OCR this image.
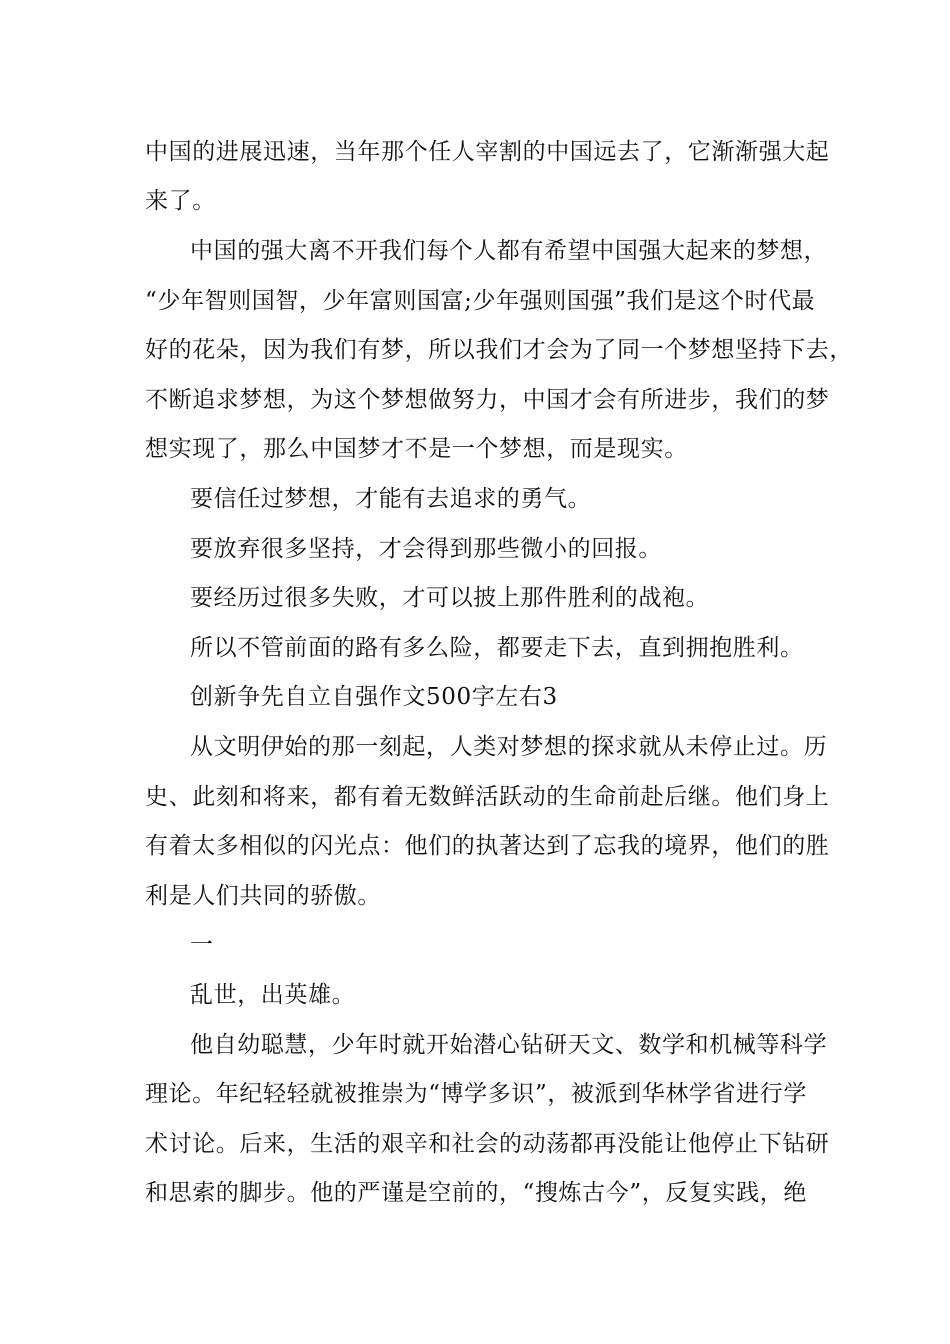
中国的进展迅速，当年那个任人宰割的中国远去了，它渐渐强大起
来了。
中国的强大离不开我们每个人都有希望中国强大起来的梦想，
“少年智则国智，少年富则国富;少年强则国强”我们是这个时代最
好的花朵，因为我们有梦，所以我们才会为了同一个梦想坚持下去，
不断追求梦想，为这个梦想做努力，中国才会有所进步，我们的梦
想实现了，那么中国梦才不是一个梦想，而是现实。
要信任过梦想，才能有去追求的勇气。
要放弃很多坚持，才会得到那些微小的回报。
要经历过很多失败，才可以披上那件胜利的战袍。
所以不管前面的路有多么险，都要走下去，直到拥抱胜利。
创新争先自立自强作文500字左右3
从文明伊始的那一刻起，人类对梦想的探求就从未停止过。历
史、此刻和将来，都有着无数鲜活跃动的生命前赴后继。他们身上
有着太多相似的闪光点：他们的执著达到了忘我的境界，他们的胜
利是人们共同的骄傲。
一
乱世，出英雄。
他自幼聪慧，少年时就开始潜心钻研天文、数学和机械等科学
理论。年纪轻轻就被推崇为“博学多识”，被派到华林学省进行学
术讨论。后来，生活的艰辛和社会的动荡都再没能让他停止下钻研
和思索的脚步。他的严谨是空前的，“搜炼古今”，反复实践，绝
